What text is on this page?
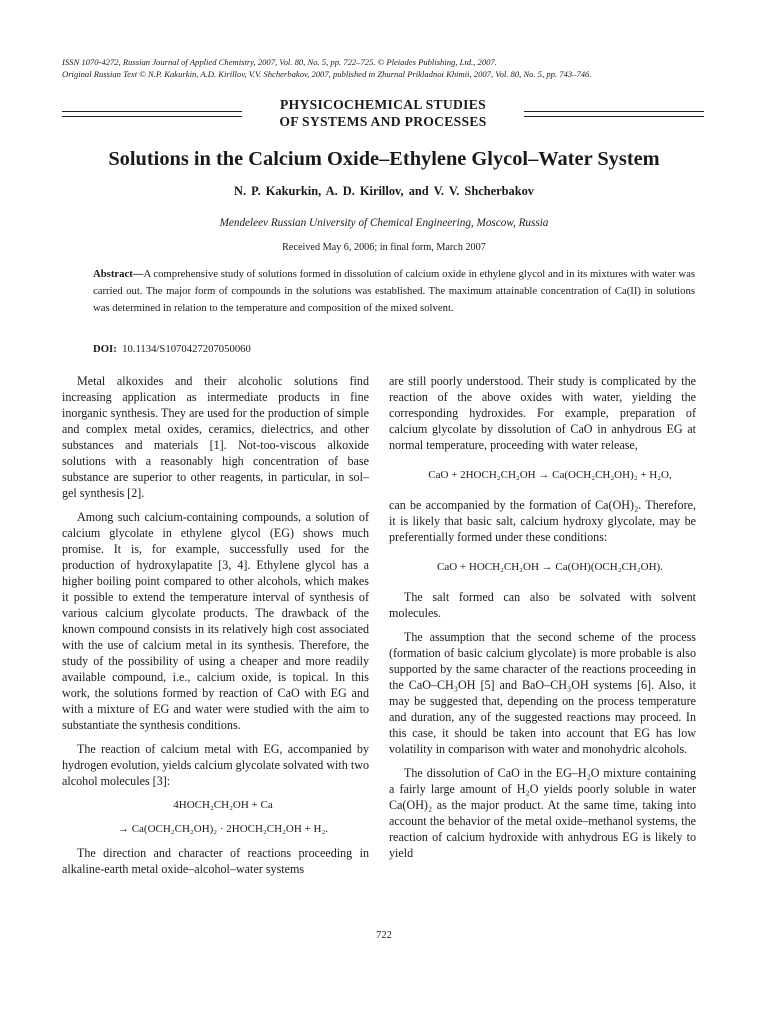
ISSN 1070-4272, Russian Journal of Applied Chemistry, 2007, Vol. 80, No. 5, pp. 722–725. © Pleiades Publishing, Ltd., 2007.
Original Russian Text © N.P. Kakurkin, A.D. Kirillov, V.V. Shcherbakov, 2007, published in Zhurnal Prikladnoi Khimii, 2007, Vol. 80, No. 5, pp. 743–746.
PHYSICOCHEMICAL STUDIES
OF SYSTEMS AND PROCESSES
Solutions in the Calcium Oxide–Ethylene Glycol–Water System
N. P. Kakurkin, A. D. Kirillov, and V. V. Shcherbakov
Mendeleev Russian University of Chemical Engineering, Moscow, Russia
Received May 6, 2006; in final form, March 2007
Abstract—A comprehensive study of solutions formed in dissolution of calcium oxide in ethylene glycol and in its mixtures with water was carried out. The major form of compounds in the solutions was established. The maximum attainable concentration of Ca(II) in solutions was determined in relation to the temperature and composition of the mixed solvent.
DOI: 10.1134/S1070427207050060

Metal alkoxides and their alcoholic solutions find increasing application as intermediate products in fine inorganic synthesis. They are used for the production of simple and complex metal oxides, ceramics, dielectrics, and other substances and materials [1]. Not-too-viscous alkoxide solutions with a reasonably high concentration of base substance are superior to other reagents, in particular, in sol–gel synthesis [2].

Among such calcium-containing compounds, a solution of calcium glycolate in ethylene glycol (EG) shows much promise. It is, for example, successfully used for the production of hydroxylapatite [3, 4]. Ethylene glycol has a higher boiling point compared to other alcohols, which makes it possible to extend the temperature interval of synthesis of various calcium glycolate products. The drawback of the known compound consists in its relatively high cost associated with the use of calcium metal in its synthesis. Therefore, the study of the possibility of using a cheaper and more readily available compound, i.e., calcium oxide, is topical. In this work, the solutions formed by reaction of CaO with EG and with a mixture of EG and water were studied with the aim to substantiate the synthesis conditions.

The reaction of calcium metal with EG, accompanied by hydrogen evolution, yields calcium glycolate solvated with two alcohol molecules [3]:

4HOCH₂CH₂OH + Ca

→ Ca(OCH₂CH₂OH)₂ · 2HOCH₂CH₂OH + H₂.

The direction and character of reactions proceeding in alkaline-earth metal oxide–alcohol–water systems

are still poorly understood. Their study is complicated by the reaction of the above oxides with water, yielding the corresponding hydroxides. For example, preparation of calcium glycolate by dissolution of CaO in anhydrous EG at normal temperature, proceeding with water release,

CaO + 2HOCH₂CH₂OH → Ca(OCH₂CH₂OH)₂ + H₂O,

can be accompanied by the formation of Ca(OH)₂. Therefore, it is likely that basic salt, calcium hydroxy glycolate, may be preferentially formed under these conditions:

CaO + HOCH₂CH₂OH → Ca(OH)(OCH₂CH₂OH).

The salt formed can also be solvated with solvent molecules.

The assumption that the second scheme of the process (formation of basic calcium glycolate) is more probable is also supported by the same character of the reactions proceeding in the CaO–CH₃OH [5] and BaO–CH₃OH systems [6]. Also, it may be suggested that, depending on the process temperature and duration, any of the suggested reactions may proceed. In this case, it should be taken into account that EG has low volatility in comparison with water and monohydric alcohols.

The dissolution of CaO in the EG–H₂O mixture containing a fairly large amount of H₂O yields poorly soluble in water Ca(OH)₂ as the major product. At the same time, taking into account the behavior of the metal oxide–methanol systems, the reaction of calcium hydroxide with anhydrous EG is likely to yield

722
